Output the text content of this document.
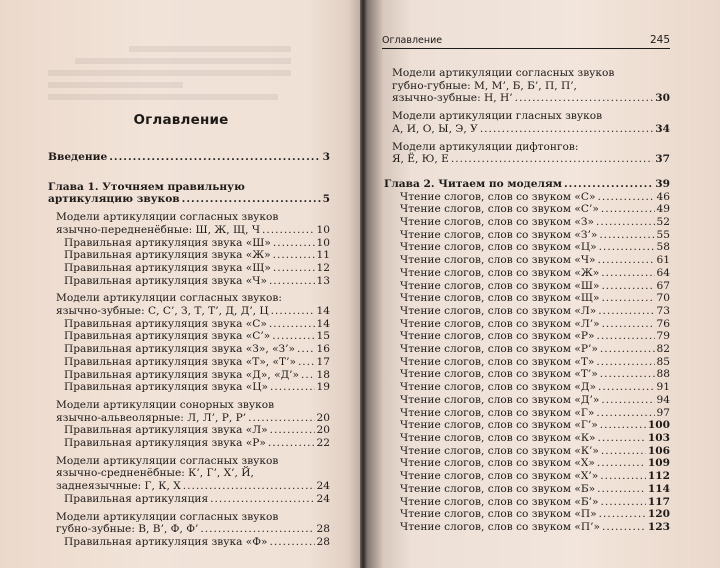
Оглавление
Введение .....	3
Глава 1. Уточняем правильную
артикуляцию звуков .....	5
Модели артикуляции согласных звуков
язычно-передненёбные: Ш, Ж, Щ, Ч .....	10
Правильная артикуляция звука «Ш» .....	10
Правильная артикуляция звука «Ж» .....	11
Правильная артикуляция звука «Щ» .....	12
Правильная артикуляция звука «Ч» .....	13
Модели артикуляции согласных звуков:
язычно-зубные: С, С’, З, Т, Т’, Д, Д’, Ц .....	14
Правильная артикуляция звука «С» .....	14
Правильная артикуляция звука «С’» .....	15
Правильная артикуляция звука «З», «З’» ..... 16
Правильная артикуляция звука «Т», «Т’» ..... 17
Правильная артикуляция звука «Д», «Д’» ..... 18
Правильная артикуляция звука «Ц» .....	19
Модели артикуляции сонорных звуков
язычно-альвеолярные: Л, Л’, Р, Р’ .....	20
Правильная артикуляция звука «Л» .....	20
Правильная артикуляция звука «Р» .....	22
Модели артикуляции согласных звуков
язычно-средненёбные: К’, Г’, Х’, Й,
заднеязычные: Г, К, Х .....	24
Правильная артикуляция .....	24
Модели артикуляции согласных звуков
губно-зубные: В, В’, Ф, Ф’ .....	28
Правильная артикуляция звука «Ф» .....	28
Оглавление	245
Модели артикуляции согласных звуков
губно-губные: М, М’, Б, Б’, П, П’,
язычно-зубные: Н, Н’ .....	30
Модели артикуляции гласных звуков
А, И, О, Ы, Э, У .....	34
Модели артикуляции дифтонгов:
Я, Ё, Ю, Е .....	37
Глава 2. Читаем по моделям .....	39
Чтение слогов, слов со звуком «С» .....	46
Чтение слогов, слов со звуком «С’» .....	49
Чтение слогов, слов со звуком «З» .....	52
Чтение слогов, слов со звуком «З’» .....	55
Чтение слогов, слов со звуком «Ц» .....	58
Чтение слогов, слов со звуком «Ч» .....	61
Чтение слогов, слов со звуком «Ж» .....	64
Чтение слогов, слов со звуком «Ш» .....	67
Чтение слогов, слов со звуком «Щ» .....	70
Чтение слогов, слов со звуком «Л» .....	73
Чтение слогов, слов со звуком «Л’» .....	76
Чтение слогов, слов со звуком «Р» .....	79
Чтение слогов, слов со звуком «Р’» .....	82
Чтение слогов, слов со звуком «Т» .....	85
Чтение слогов, слов со звуком «Т’» .....	88
Чтение слогов, слов со звуком «Д» .....	91
Чтение слогов, слов со звуком «Д’» .....	94
Чтение слогов, слов со звуком «Г» .....	97
Чтение слогов, слов со звуком «Г’» .....	100
Чтение слогов, слов со звуком «К» .....	103
Чтение слогов, слов со звуком «К’» .....	106
Чтение слогов, слов со звуком «Х» .....	109
Чтение слогов, слов со звуком «Х’» .....	112
Чтение слогов, слов со звуком «Б» .....	114
Чтение слогов, слов со звуком «Б’» .....	117
Чтение слогов, слов со звуком «П» .....	120
Чтение слогов, слов со звуком «П’» .....	123
